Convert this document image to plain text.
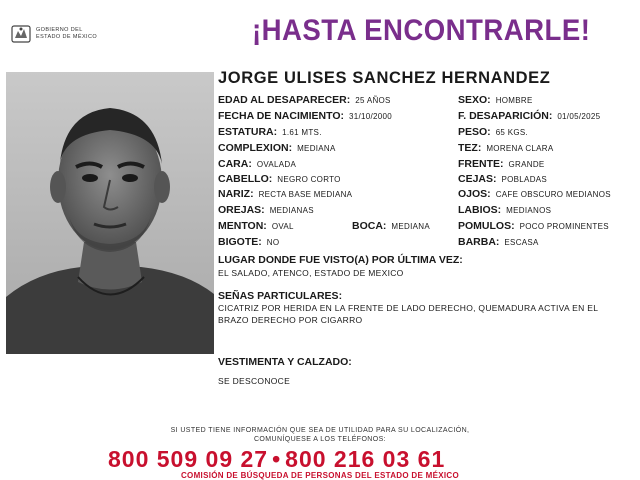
GOBIERNO DEL
ESTADO DE MÉXICO	¡HASTA ENCONTRARLE!
JORGE ULISES SANCHEZ HERNANDEZ
EDAD AL DESAPARECER: 25 AÑOS
FECHA DE NACIMIENTO: 31/10/2000
ESTATURA: 1.61 MTS.
COMPLEXION: MEDIANA
CARA: OVALADA
CABELLO: NEGRO CORTO
NARIZ: RECTA BASE MEDIANA
OREJAS: MEDIANAS
MENTON: OVAL	BOCA: MEDIANA
BIGOTE: NO
SEXO: HOMBRE
F. DESAPARICIÓN: 01/05/2025
PESO: 65 KGS.
TEZ: MORENA CLARA
FRENTE: GRANDE
CEJAS: POBLADAS
OJOS: CAFE OBSCURO MEDIANOS
LABIOS: MEDIANOS
POMULOS: POCO PROMINENTES
BARBA: ESCASA
LUGAR DONDE FUE VISTO(A) POR ÚLTIMA VEZ:
EL SALADO, ATENCO, ESTADO DE MEXICO
SEÑAS PARTICULARES:
CICATRIZ POR HERIDA EN LA FRENTE DE LADO DERECHO, QUEMADURA ACTIVA EN EL BRAZO DERECHO POR CIGARRO
VESTIMENTA Y CALZADO:
SE DESCONOCE
SI USTED TIENE INFORMACIÓN QUE SEA DE UTILIDAD PARA SU LOCALIZACIÓN,
COMUNÍQUESE A LOS TELÉFONOS:
800 509 09 27 • 800 216 03 61
COMISIÓN DE BÚSQUEDA DE PERSONAS DEL ESTADO DE MÉXICO
